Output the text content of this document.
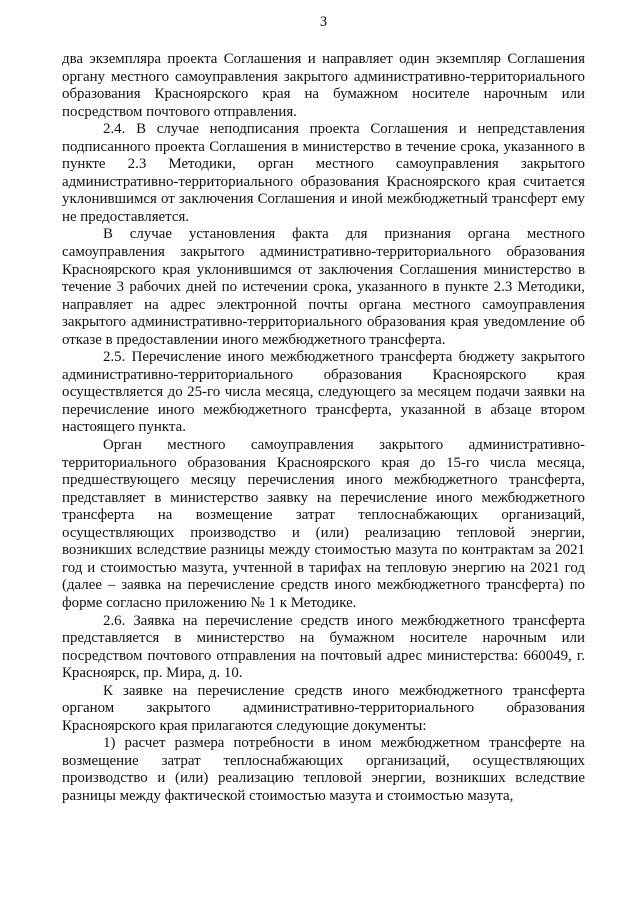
3

два экземпляра проекта Соглашения и направляет один экземпляр Соглашения органу местного самоуправления закрытого административно-территориального образования Красноярского края на бумажном носителе нарочным или посредством почтового отправления.

2.4. В случае неподписания проекта Соглашения и непредставления подписанного проекта Соглашения в министерство в течение срока, указанного в пункте 2.3 Методики, орган местного самоуправления закрытого административно-территориального образования Красноярского края считается уклонившимся от заключения Соглашения и иной межбюджетный трансферт ему не предоставляется.

В случае установления факта для признания органа местного самоуправления закрытого административно-территориального образования Красноярского края уклонившимся от заключения Соглашения министерство в течение 3 рабочих дней по истечении срока, указанного в пункте 2.3 Методики, направляет на адрес электронной почты органа местного самоуправления закрытого административно-территориального образования края уведомление об отказе в предоставлении иного межбюджетного трансферта.

2.5. Перечисление иного межбюджетного трансферта бюджету закрытого административно-территориального образования Красноярского края осуществляется до 25-го числа месяца, следующего за месяцем подачи заявки на перечисление иного межбюджетного трансферта, указанной в абзаце втором настоящего пункта.

Орган местного самоуправления закрытого административно-территориального образования Красноярского края до 15-го числа месяца, предшествующего месяцу перечисления иного межбюджетного трансферта, представляет в министерство заявку на перечисление иного межбюджетного трансферта на возмещение затрат теплоснабжающих организаций, осуществляющих производство и (или) реализацию тепловой энергии, возникших вследствие разницы между стоимостью мазута по контрактам за 2021 год и стоимостью мазута, учтенной в тарифах на тепловую энергию на 2021 год (далее – заявка на перечисление средств иного межбюджетного трансферта) по форме согласно приложению № 1 к Методике.

2.6. Заявка на перечисление средств иного межбюджетного трансферта представляется в министерство на бумажном носителе нарочным или посредством почтового отправления на почтовый адрес министерства: 660049, г. Красноярск, пр. Мира, д. 10.

К заявке на перечисление средств иного межбюджетного трансферта органом закрытого административно-территориального образования Красноярского края прилагаются следующие документы:

1) расчет размера потребности в ином межбюджетном трансферте на возмещение затрат теплоснабжающих организаций, осуществляющих производство и (или) реализацию тепловой энергии, возникших вследствие разницы между фактической стоимостью мазута и стоимостью мазута,
